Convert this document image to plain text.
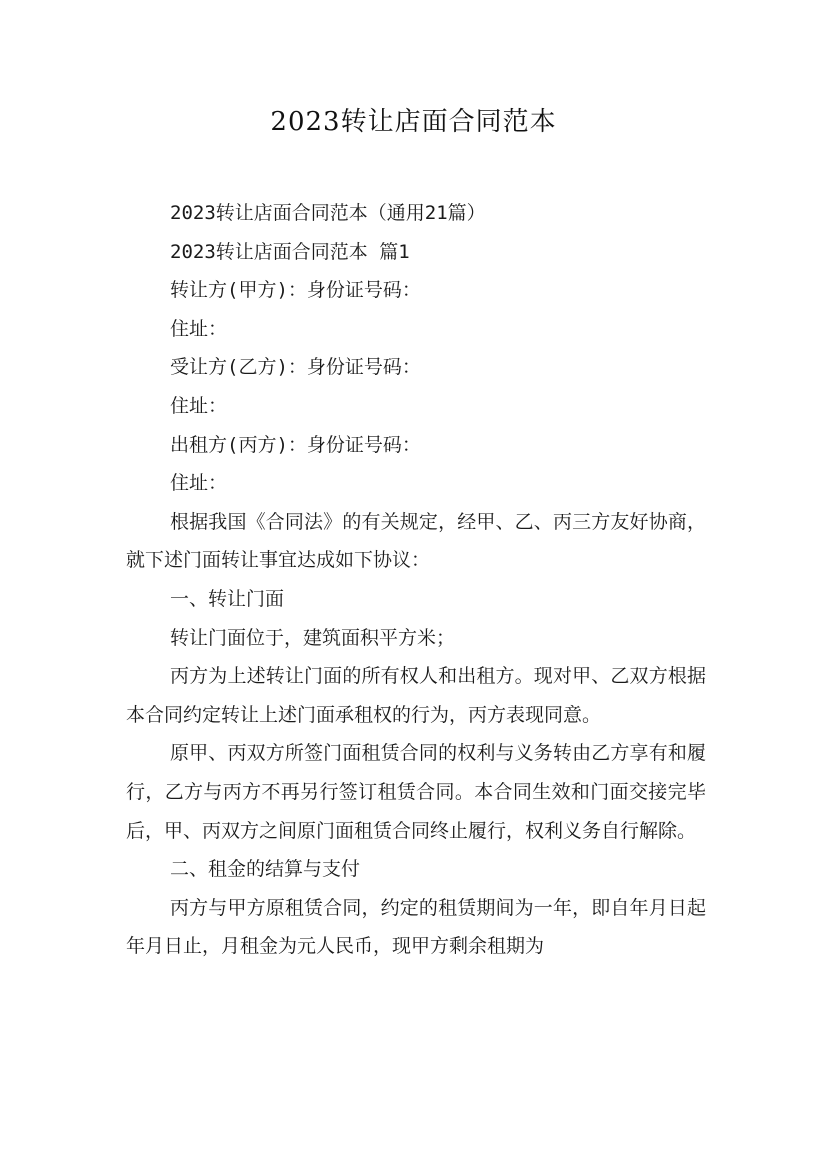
2023转让店面合同范本

2023转让店面合同范本（通用21篇）

2023转让店面合同范本 篇1

转让方(甲方)：身份证号码：

住址：

受让方(乙方)：身份证号码：

住址：

出租方(丙方)：身份证号码：

住址：

根据我国《合同法》的有关规定，经甲、乙、丙三方友好协商，就下述门面转让事宜达成如下协议：

一、转让门面

转让门面位于，建筑面积平方米；

丙方为上述转让门面的所有权人和出租方。现对甲、乙双方根据本合同约定转让上述门面承租权的行为，丙方表现同意。

原甲、丙双方所签门面租赁合同的权利与义务转由乙方享有和履行，乙方与丙方不再另行签订租赁合同。本合同生效和门面交接完毕后，甲、丙双方之间原门面租赁合同终止履行，权利义务自行解除。

二、租金的结算与支付

丙方与甲方原租赁合同，约定的租赁期间为一年，即自年月日起年月日止，月租金为元人民币，现甲方剩余租期为
